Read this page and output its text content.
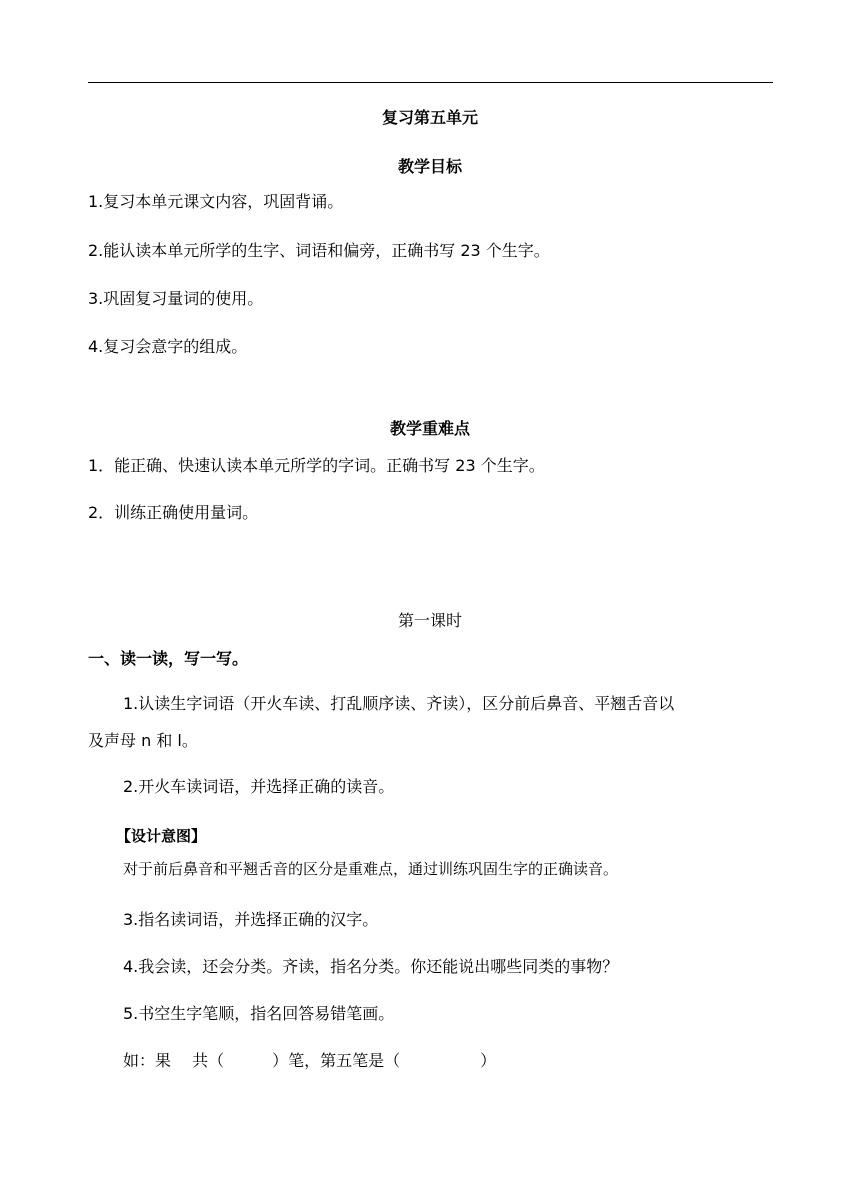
复习第五单元
教学目标
1.复习本单元课文内容，巩固背诵。
2.能认读本单元所学的生字、词语和偏旁，正确书写 23 个生字。
3.巩固复习量词的使用。
4.复习会意字的组成。
教学重难点
1．能正确、快速认读本单元所学的字词。正确书写 23 个生字。
2．训练正确使用量词。
第一课时
一、读一读，写一写。
1.认读生字词语（开火车读、打乱顺序读、齐读），区分前后鼻音、平翘舌音以
及声母 n 和 l。
2.开火车读词语，并选择正确的读音。
【设计意图】
对于前后鼻音和平翘舌音的区分是重难点，通过训练巩固生字的正确读音。
3.指名读词语，并选择正确的汉字。
4.我会读，还会分类。齐读，指名分类。你还能说出哪些同类的事物？
5.书空生字笔顺，指名回答易错笔画。
如：果　 共（　　　）笔，第五笔是（　　　　　）
